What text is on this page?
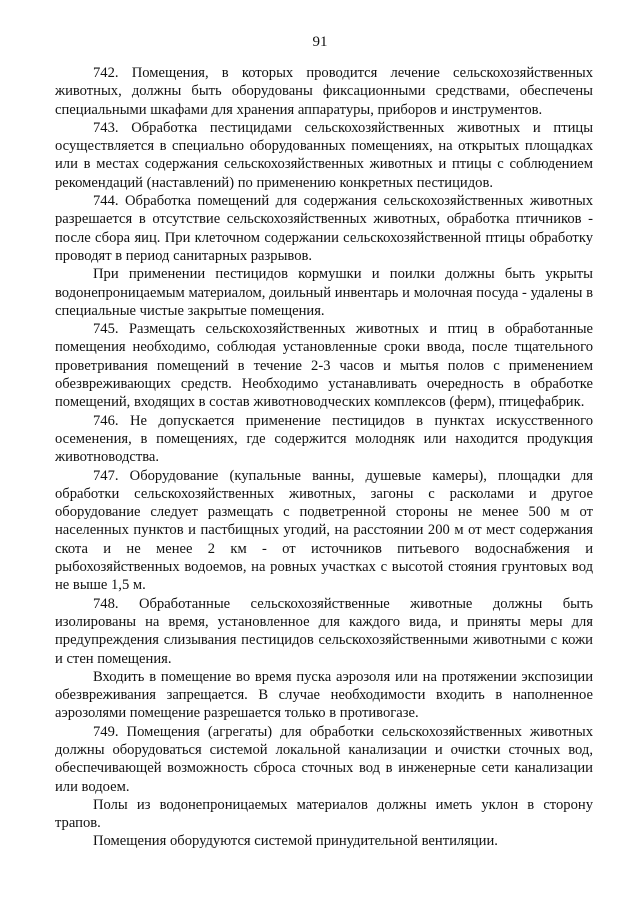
91

742. Помещения, в которых проводится лечение сельскохозяйственных животных, должны быть оборудованы фиксационными средствами, обеспечены специальными шкафами для хранения аппаратуры, приборов и инструментов.

743. Обработка пестицидами сельскохозяйственных животных и птицы осуществляется в специально оборудованных помещениях, на открытых площадках или в местах содержания сельскохозяйственных животных и птицы с соблюдением рекомендаций (наставлений) по применению конкретных пестицидов.

744. Обработка помещений для содержания сельскохозяйственных животных разрешается в отсутствие сельскохозяйственных животных, обработка птичников - после сбора яиц. При клеточном содержании сельскохозяйственной птицы обработку проводят в период санитарных разрывов.

При применении пестицидов кормушки и поилки должны быть укрыты водонепроницаемым материалом, доильный инвентарь и молочная посуда - удалены в специальные чистые закрытые помещения.

745. Размещать сельскохозяйственных животных и птиц в обработанные помещения необходимо, соблюдая установленные сроки ввода, после тщательного проветривания помещений в течение 2-3 часов и мытья полов с применением обезвреживающих средств. Необходимо устанавливать очередность в обработке помещений, входящих в состав животноводческих комплексов (ферм), птицефабрик.

746. Не допускается применение пестицидов в пунктах искусственного осеменения, в помещениях, где содержится молодняк или находится продукция животноводства.

747. Оборудование (купальные ванны, душевые камеры), площадки для обработки сельскохозяйственных животных, загоны с расколами и другое оборудование следует размещать с подветренной стороны не менее 500 м от населенных пунктов и пастбищных угодий, на расстоянии 200 м от мест содержания скота и не менее 2 км - от источников питьевого водоснабжения и рыбохозяйственных водоемов, на ровных участках с высотой стояния грунтовых вод не выше 1,5 м.

748. Обработанные сельскохозяйственные животные должны быть изолированы на время, установленное для каждого вида, и приняты меры для предупреждения слизывания пестицидов сельскохозяйственными животными с кожи и стен помещения.

Входить в помещение во время пуска аэрозоля или на протяжении экспозиции обезвреживания запрещается. В случае необходимости входить в наполненное аэрозолями помещение разрешается только в противогазе.

749. Помещения (агрегаты) для обработки сельскохозяйственных животных должны оборудоваться системой локальной канализации и очистки сточных вод, обеспечивающей возможность сброса сточных вод в инженерные сети канализации или водоем.

Полы из водонепроницаемых материалов должны иметь уклон в сторону трапов.

Помещения оборудуются системой принудительной вентиляции.
